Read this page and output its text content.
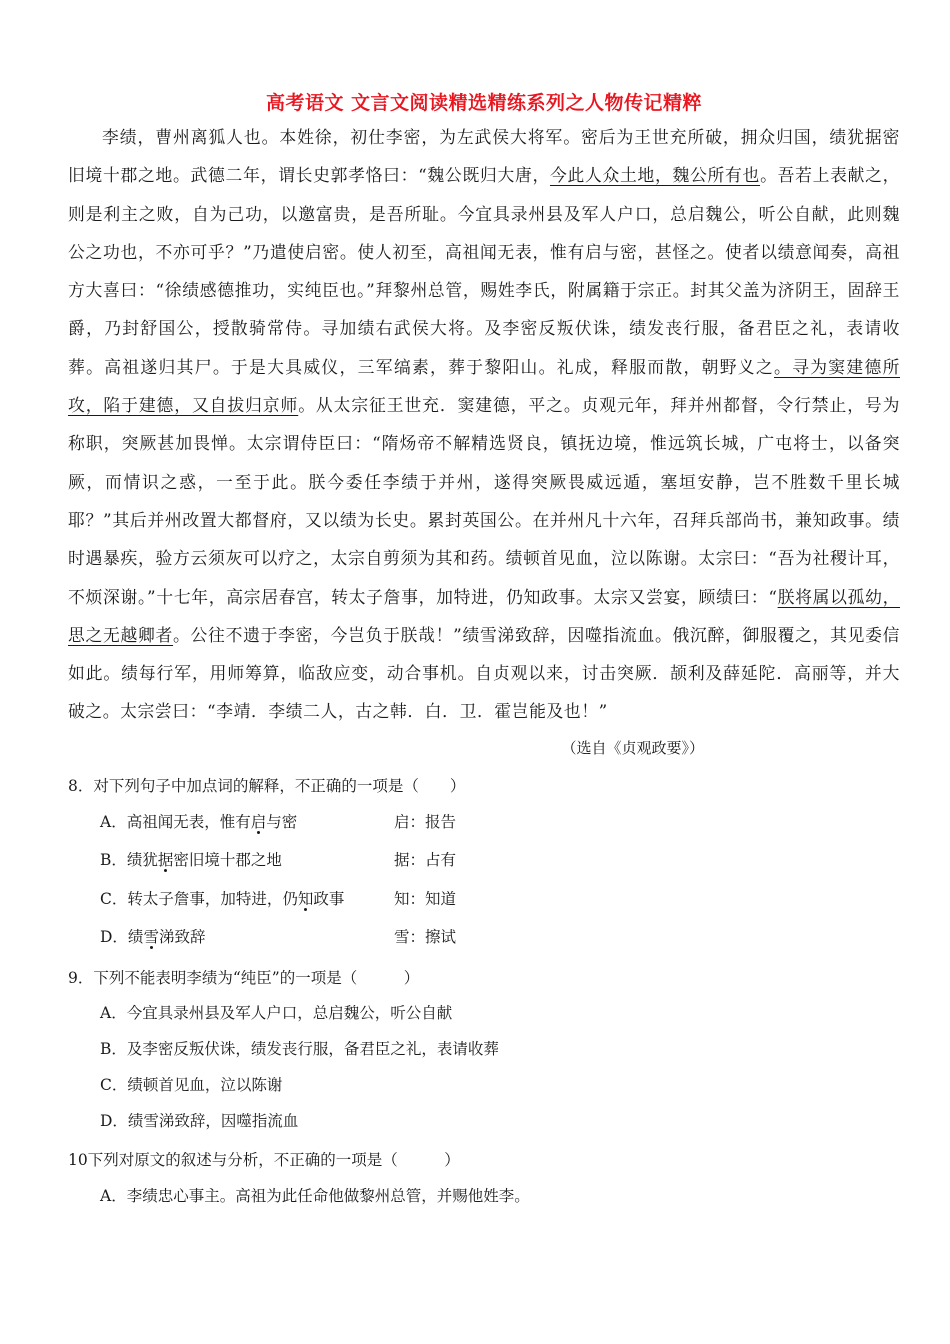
高考语文 文言文阅读精选精练系列之人物传记精粹

李绩，曹州离狐人也。本姓徐，初仕李密，为左武侯大将军。密后为王世充所破，拥众归国，绩犹据密旧境十郡之地。武德二年，谓长史郭孝恪曰：“魏公既归大唐，今此人众土地，魏公所有也。吾若上表献之，则是利主之败，自为己功，以邀富贵，是吾所耻。今宜具录州县及军人户口，总启魏公，听公自献，此则魏公之功也，不亦可乎？”乃遣使启密。使人初至，高祖闻无表，惟有启与密，甚怪之。使者以绩意闻奏，高祖方大喜曰：“徐绩感德推功，实纯臣也。”拜黎州总管，赐姓李氏，附属籍于宗正。封其父盖为济阴王，固辞王爵，乃封舒国公，授散骑常侍。寻加绩右武侯大将。及李密反叛伏诛，绩发丧行服，备君臣之礼，表请收葬。高祖遂归其尸。于是大具威仪，三军缟素，葬于黎阳山。礼成，释服而散，朝野义之。寻为窦建德所攻，陷于建德，又自拔归京师。从太宗征王世充．窦建德，平之。贞观元年，拜并州都督，令行禁止，号为称职，突厥甚加畏惮。太宗谓侍臣曰：“隋炀帝不解精选贤良，镇抚边境，惟远筑长城，广屯将士，以备突厥，而情识之惑，一至于此。朕今委任李绩于并州，遂得突厥畏威远遁，塞垣安静，岂不胜数千里长城耶？”其后并州改置大都督府，又以绩为长史。累封英国公。在并州凡十六年，召拜兵部尚书，兼知政事。绩时遇暴疾，验方云须灰可以疗之，太宗自剪须为其和药。绩顿首见血，泣以陈谢。太宗曰：“吾为社稷计耳，不烦深谢。”十七年，高宗居春宫，转太子詹事，加特进，仍知政事。太宗又尝宴，顾绩曰：“朕将属以孤幼，思之无越卿者。公往不遗于李密，今岂负于朕哉！”绩雪涕致辞，因噬指流血。俄沉醉，御服覆之，其见委信如此。绩每行军，用师筹算，临敌应变，动合事机。自贞观以来，讨击突厥．颉利及薛延陀．高丽等，并大破之。太宗尝曰：“李靖．李绩二人，古之韩．白．卫．霍岂能及也！”

（选自《贞观政要》）

8．对下列句子中加点词的解释，不正确的一项是（　　）

A．高祖闻无表，惟有启与密	启：报告

B．绩犹据密旧境十郡之地	据：占有

C．转太子詹事，加特进，仍知政事	知：知道

D．绩雪涕致辞	雪：擦试

9．下列不能表明李绩为“纯臣”的一项是（　　　）

A．今宜具录州县及军人户口，总启魏公，听公自献

B．及李密反叛伏诛，绩发丧行服，备君臣之礼，表请收葬

C．绩顿首见血，泣以陈谢

D．绩雪涕致辞，因噬指流血

10下列对原文的叙述与分析，不正确的一项是（　　　）

A．李绩忠心事主。高祖为此任命他做黎州总管，并赐他姓李。
